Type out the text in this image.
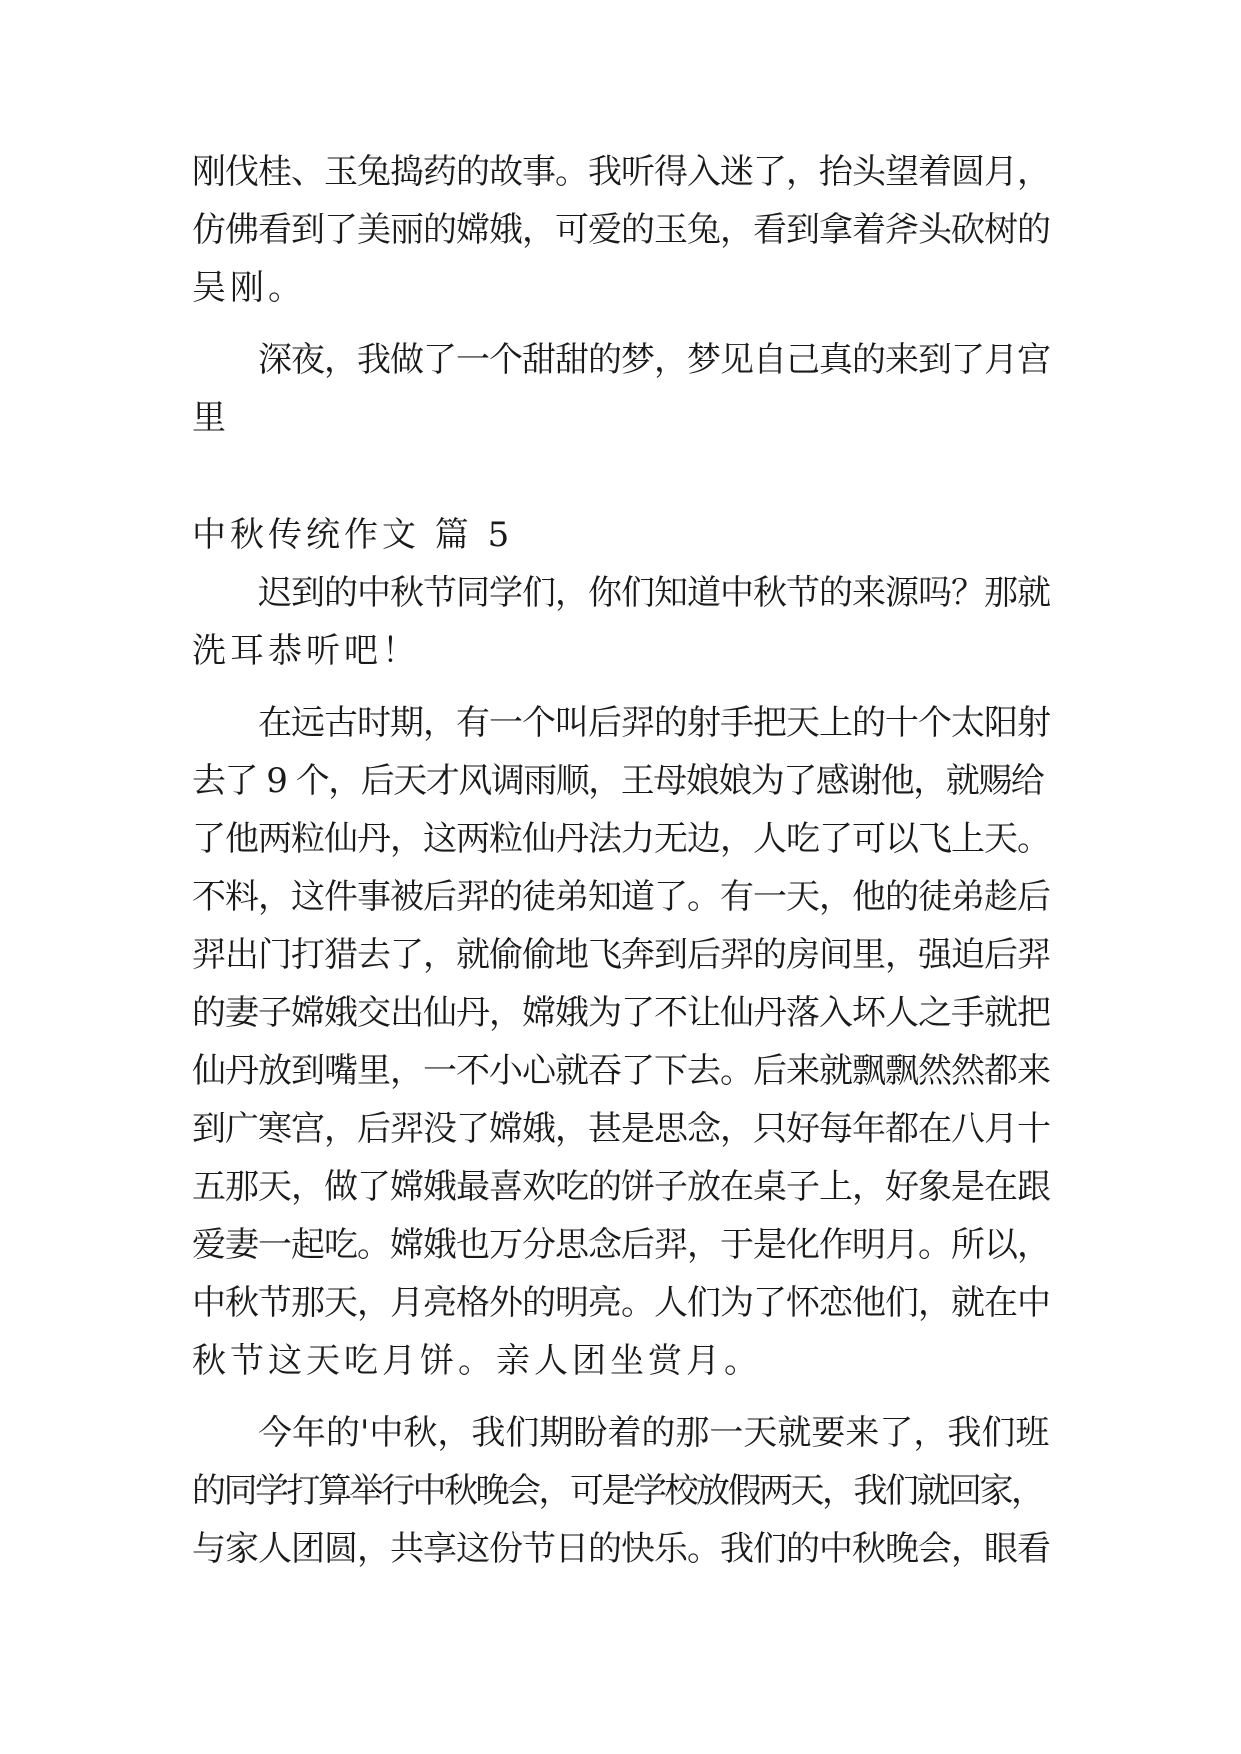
刚伐桂、玉兔捣药的故事。我听得入迷了，抬头望着圆月，
仿佛看到了美丽的嫦娥，可爱的玉兔，看到拿着斧头砍树的
吴刚。
深夜，我做了一个甜甜的梦，梦见自己真的来到了月宫
里
中秋传统作文 篇 5
迟到的中秋节同学们，你们知道中秋节的来源吗？那就
洗耳恭听吧！
在远古时期，有一个叫后羿的射手把天上的十个太阳射
去了 9 个，后天才风调雨顺，王母娘娘为了感谢他，就赐给
了他两粒仙丹，这两粒仙丹法力无边，人吃了可以飞上天。
不料，这件事被后羿的徒弟知道了。有一天，他的徒弟趁后
羿出门打猎去了，就偷偷地飞奔到后羿的房间里，强迫后羿
的妻子嫦娥交出仙丹，嫦娥为了不让仙丹落入坏人之手就把
仙丹放到嘴里，一不小心就吞了下去。后来就飘飘然然都来
到广寒宫，后羿没了嫦娥，甚是思念，只好每年都在八月十
五那天，做了嫦娥最喜欢吃的饼子放在桌子上，好象是在跟
爱妻一起吃。嫦娥也万分思念后羿，于是化作明月。所以，
中秋节那天，月亮格外的明亮。人们为了怀恋他们，就在中
秋节这天吃月饼。亲人团坐赏月。
今年的'中秋，我们期盼着的那一天就要来了，我们班
的同学打算举行中秋晚会，可是学校放假两天，我们就回家，
与家人团圆，共享这份节日的快乐。我们的中秋晚会，眼看
